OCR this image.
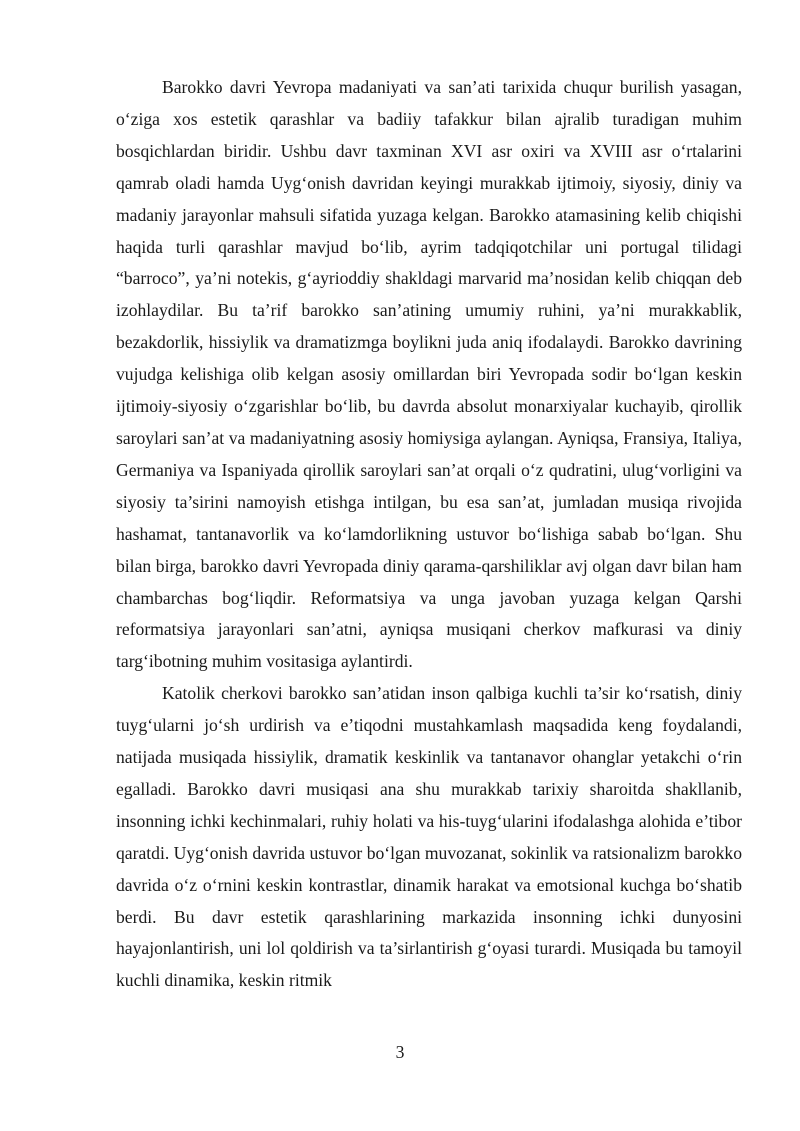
Barokko davri Yevropa madaniyati va san’ati tarixida chuqur burilish yasagan, o‘ziga xos estetik qarashlar va badiiy tafakkur bilan ajralib turadigan muhim bosqichlardan biridir. Ushbu davr taxminan XVI asr oxiri va XVIII asr o‘rtalarini qamrab oladi hamda Uyg‘onish davridan keyingi murakkab ijtimoiy, siyosiy, diniy va madaniy jarayonlar mahsuli sifatida yuzaga kelgan. Barokko atamasining kelib chiqishi haqida turli qarashlar mavjud bo‘lib, ayrim tadqiqotchilar uni portugal tilidagi “barroco”, ya’ni notekis, g‘ayrioddiy shakldagi marvarid ma’nosidan kelib chiqqan deb izohlaydilar. Bu ta’rif barokko san’atining umumiy ruhini, ya’ni murakkablik, bezakdorlik, hissiylik va dramatizmga boylikni juda aniq ifodalaydi. Barokko davrining vujudga kelishiga olib kelgan asosiy omillardan biri Yevropada sodir bo‘lgan keskin ijtimoiy-siyosiy o‘zgarishlar bo‘lib, bu davrda absolut monarxiyalar kuchayib, qirollik saroylari san’at va madaniyatning asosiy homiysiga aylangan. Ayniqsa, Fransiya, Italiya, Germaniya va Ispaniyada qirollik saroylari san’at orqali o‘z qudratini, ulug‘vorligini va siyosiy ta’sirini namoyish etishga intilgan, bu esa san’at, jumladan musiqa rivojida hashamat, tantanavorlik va ko‘lamdorlikning ustuvor bo‘lishiga sabab bo‘lgan. Shu bilan birga, barokko davri Yevropada diniy qarama-qarshiliklar avj olgan davr bilan ham chambarchas bog‘liqdir. Reformatsiya va unga javoban yuzaga kelgan Qarshi reformatsiya jarayonlari san’atni, ayniqsa musiqani cherkov mafkurasi va diniy targ‘ibotning muhim vositasiga aylantirdi.

Katolik cherkovi barokko san’atidan inson qalbiga kuchli ta’sir ko‘rsatish, diniy tuyg‘ularni jo‘sh urdirish va e’tiqodni mustahkamlash maqsadida keng foydalandi, natijada musiqada hissiylik, dramatik keskinlik va tantanavor ohanglar yetakchi o‘rin egalladi. Barokko davri musiqasi ana shu murakkab tarixiy sharoitda shakllanib, insonning ichki kechinmalari, ruhiy holati va his-tuyg‘ularini ifodalashga alohida e’tibor qaratdi. Uyg‘onish davrida ustuvor bo‘lgan muvozanat, sokinlik va ratsionalizm barokko davrida o‘z o‘rnini keskin kontrastlar, dinamik harakat va emotsional kuchga bo‘shatib berdi. Bu davr estetik qarashlarining markazida insonning ichki dunyosini hayajonlantirish, uni lol qoldirish va ta’sirlantirish g‘oyasi turardi. Musiqada bu tamoyil kuchli dinamika, keskin ritmik

3
